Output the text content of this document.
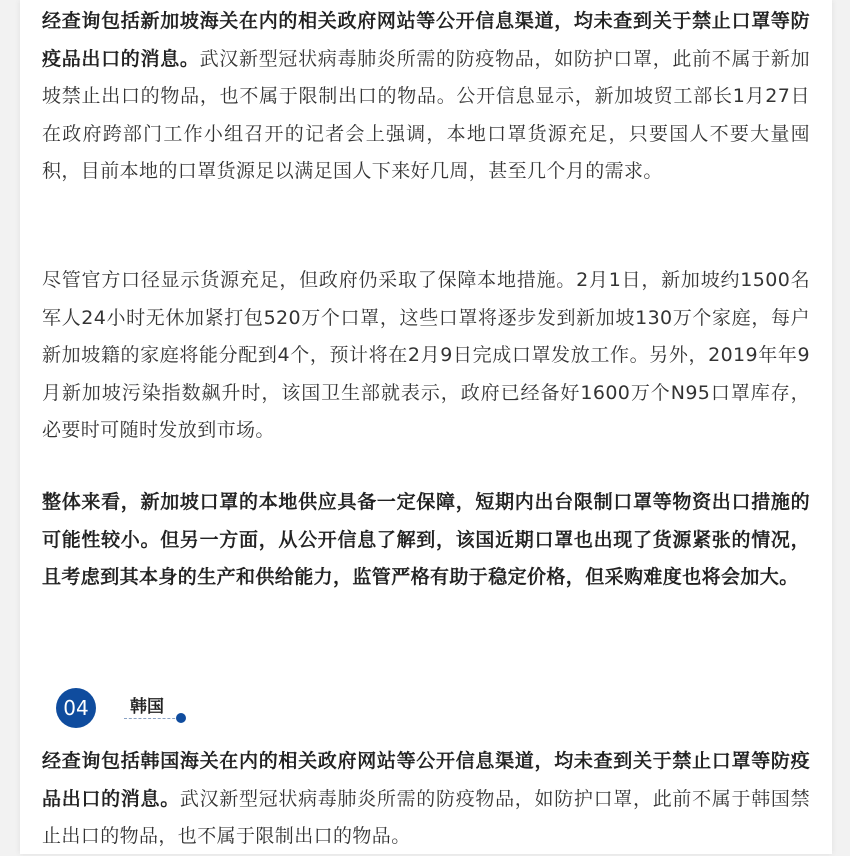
经查询包括新加坡海关在内的相关政府网站等公开信息渠道，均未查到关于禁止口罩等防疫品出口的消息。武汉新型冠状病毒肺炎所需的防疫物品，如防护口罩，此前不属于新加坡禁止出口的物品，也不属于限制出口的物品。公开信息显示，新加坡贸工部长1月27日在政府跨部门工作小组召开的记者会上强调，本地口罩货源充足，只要国人不要大量囤积，目前本地的口罩货源足以满足国人下来好几周，甚至几个月的需求。

尽管官方口径显示货源充足，但政府仍采取了保障本地措施。2月1日，新加坡约1500名军人24小时无休加紧打包520万个口罩，这些口罩将逐步发到新加坡130万个家庭，每户新加坡籍的家庭将能分配到4个，预计将在2月9日完成口罩发放工作。另外，2019年年9月新加坡污染指数飙升时，该国卫生部就表示，政府已经备好1600万个N95口罩库存，必要时可随时发放到市场。

整体来看，新加坡口罩的本地供应具备一定保障，短期内出台限制口罩等物资出口措施的可能性较小。但另一方面，从公开信息了解到，该国近期口罩也出现了货源紧张的情况，且考虑到其本身的生产和供给能力，监管严格有助于稳定价格，但采购难度也将会加大。

04	韩国

经查询包括韩国海关在内的相关政府网站等公开信息渠道，均未查到关于禁止口罩等防疫品出口的消息。武汉新型冠状病毒肺炎所需的防疫物品，如防护口罩，此前不属于韩国禁止出口的物品，也不属于限制出口的物品。
